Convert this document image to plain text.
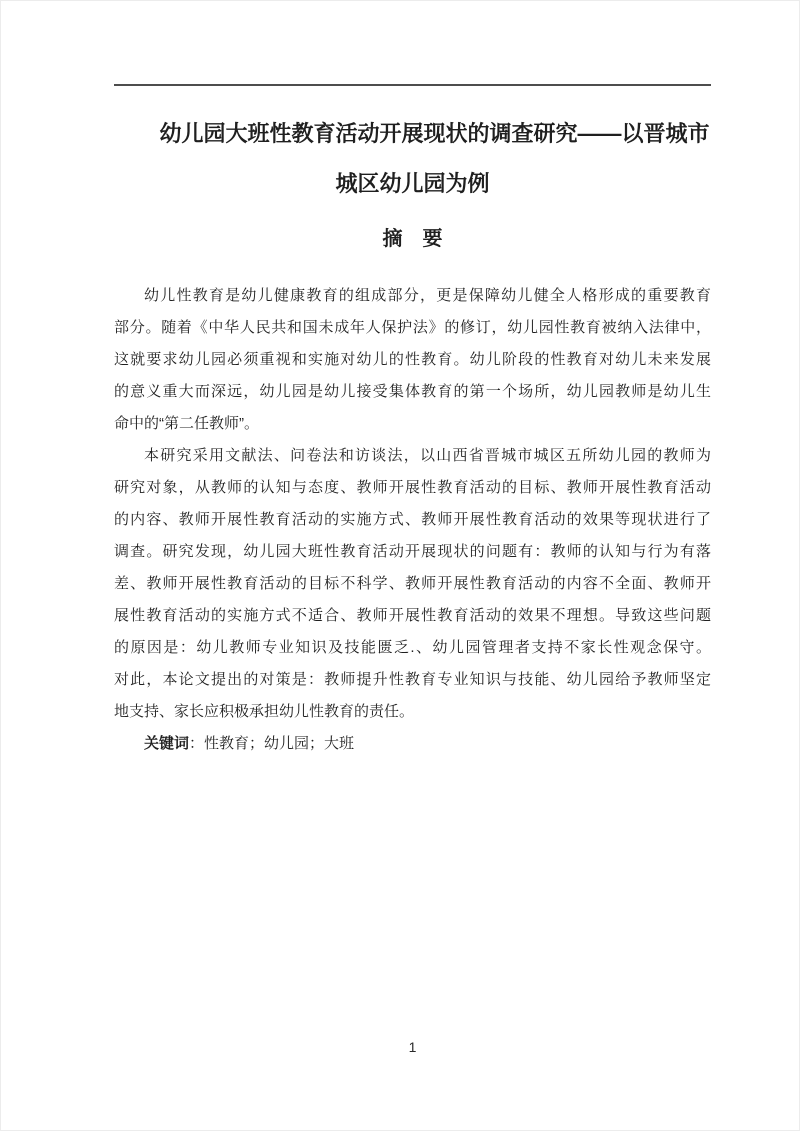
幼儿园大班性教育活动开展现状的调查研究——以晋城市
城区幼儿园为例
摘　要
幼儿性教育是幼儿健康教育的组成部分，更是保障幼儿健全人格形成的重要教育
部分。随着《中华人民共和国未成年人保护法》的修订，幼儿园性教育被纳入法律中，
这就要求幼儿园必须重视和实施对幼儿的性教育。幼儿阶段的性教育对幼儿未来发展
的意义重大而深远，幼儿园是幼儿接受集体教育的第一个场所，幼儿园教师是幼儿生
命中的“第二任教师”。
本研究采用文献法、问卷法和访谈法，以山西省晋城市城区五所幼儿园的教师为
研究对象，从教师的认知与态度、教师开展性教育活动的目标、教师开展性教育活动
的内容、教师开展性教育活动的实施方式、教师开展性教育活动的效果等现状进行了
调查。研究发现，幼儿园大班性教育活动开展现状的问题有：教师的认知与行为有落
差、教师开展性教育活动的目标不科学、教师开展性教育活动的内容不全面、教师开
展性教育活动的实施方式不适合、教师开展性教育活动的效果不理想。导致这些问题
的原因是：幼儿教师专业知识及技能匮乏.、幼儿园管理者支持不家长性观念保守。
对此，本论文提出的对策是：教师提升性教育专业知识与技能、幼儿园给予教师坚定
地支持、家长应积极承担幼儿性教育的责任。
关键词：性教育；幼儿园；大班
1
